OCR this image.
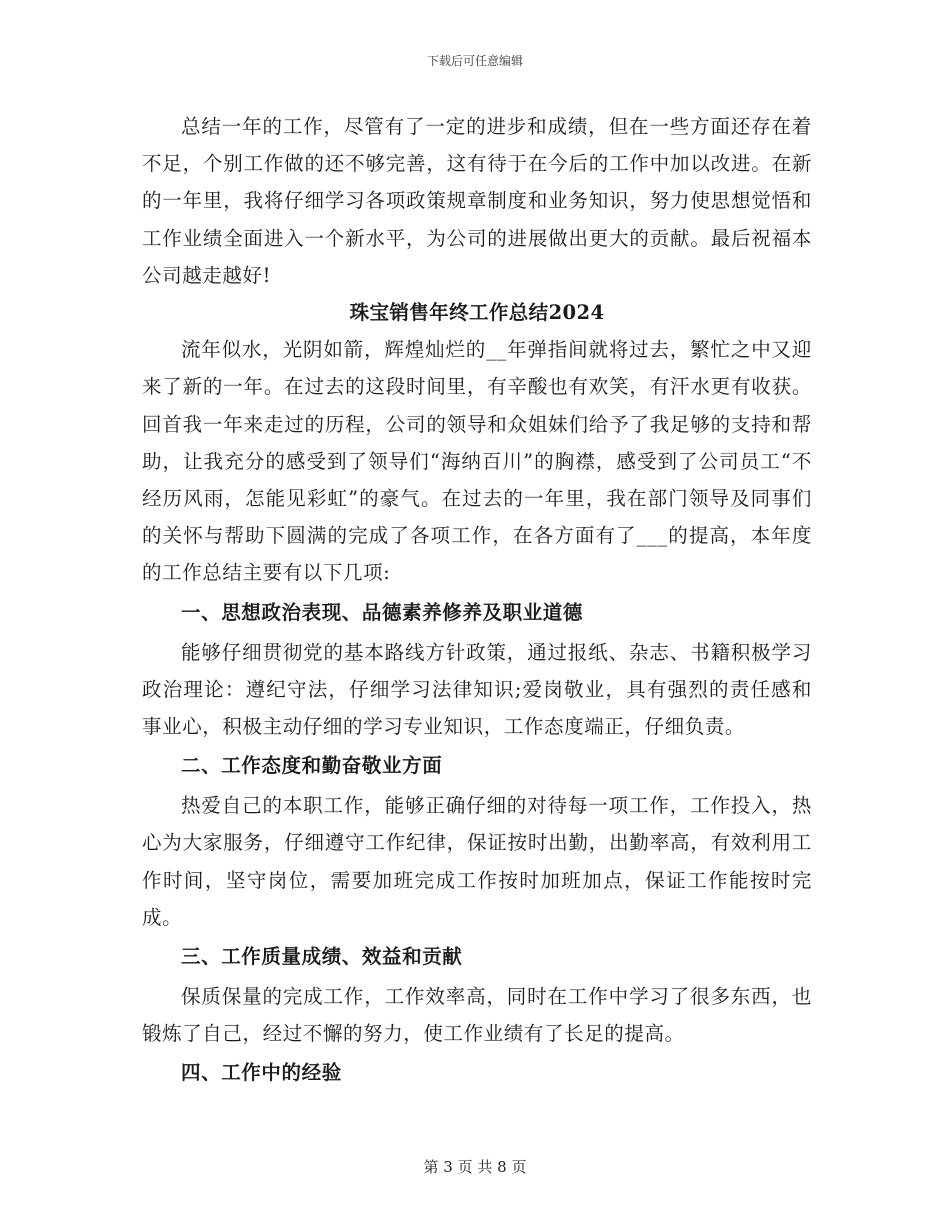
下载后可任意编辑

总结一年的工作，尽管有了一定的进步和成绩，但在一些方面还存在着不足，个别工作做的还不够完善，这有待于在今后的工作中加以改进。在新的一年里，我将仔细学习各项政策规章制度和业务知识，努力使思想觉悟和工作业绩全面进入一个新水平，为公司的进展做出更大的贡献。最后祝福本公司越走越好!

珠宝销售年终工作总结2024

流年似水，光阴如箭，辉煌灿烂的__年弹指间就将过去，繁忙之中又迎来了新的一年。在过去的这段时间里，有辛酸也有欢笑，有汗水更有收获。回首我一年来走过的历程，公司的领导和众姐妹们给予了我足够的支持和帮助，让我充分的感受到了领导们“海纳百川”的胸襟，感受到了公司员工“不经历风雨，怎能见彩虹”的豪气。在过去的一年里，我在部门领导及同事们的关怀与帮助下圆满的完成了各项工作，在各方面有了___的提高，本年度的工作总结主要有以下几项:

一、思想政治表现、品德素养修养及职业道德

能够仔细贯彻党的基本路线方针政策，通过报纸、杂志、书籍积极学习政治理论：遵纪守法，仔细学习法律知识;爱岗敬业，具有强烈的责任感和事业心，积极主动仔细的学习专业知识，工作态度端正，仔细负责。

二、工作态度和勤奋敬业方面

热爱自己的本职工作，能够正确仔细的对待每一项工作，工作投入，热心为大家服务，仔细遵守工作纪律，保证按时出勤，出勤率高，有效利用工作时间，坚守岗位，需要加班完成工作按时加班加点，保证工作能按时完成。

三、工作质量成绩、效益和贡献

保质保量的完成工作，工作效率高，同时在工作中学习了很多东西，也锻炼了自己，经过不懈的努力，使工作业绩有了长足的提高。

四、工作中的经验

第 3 页 共 8 页
